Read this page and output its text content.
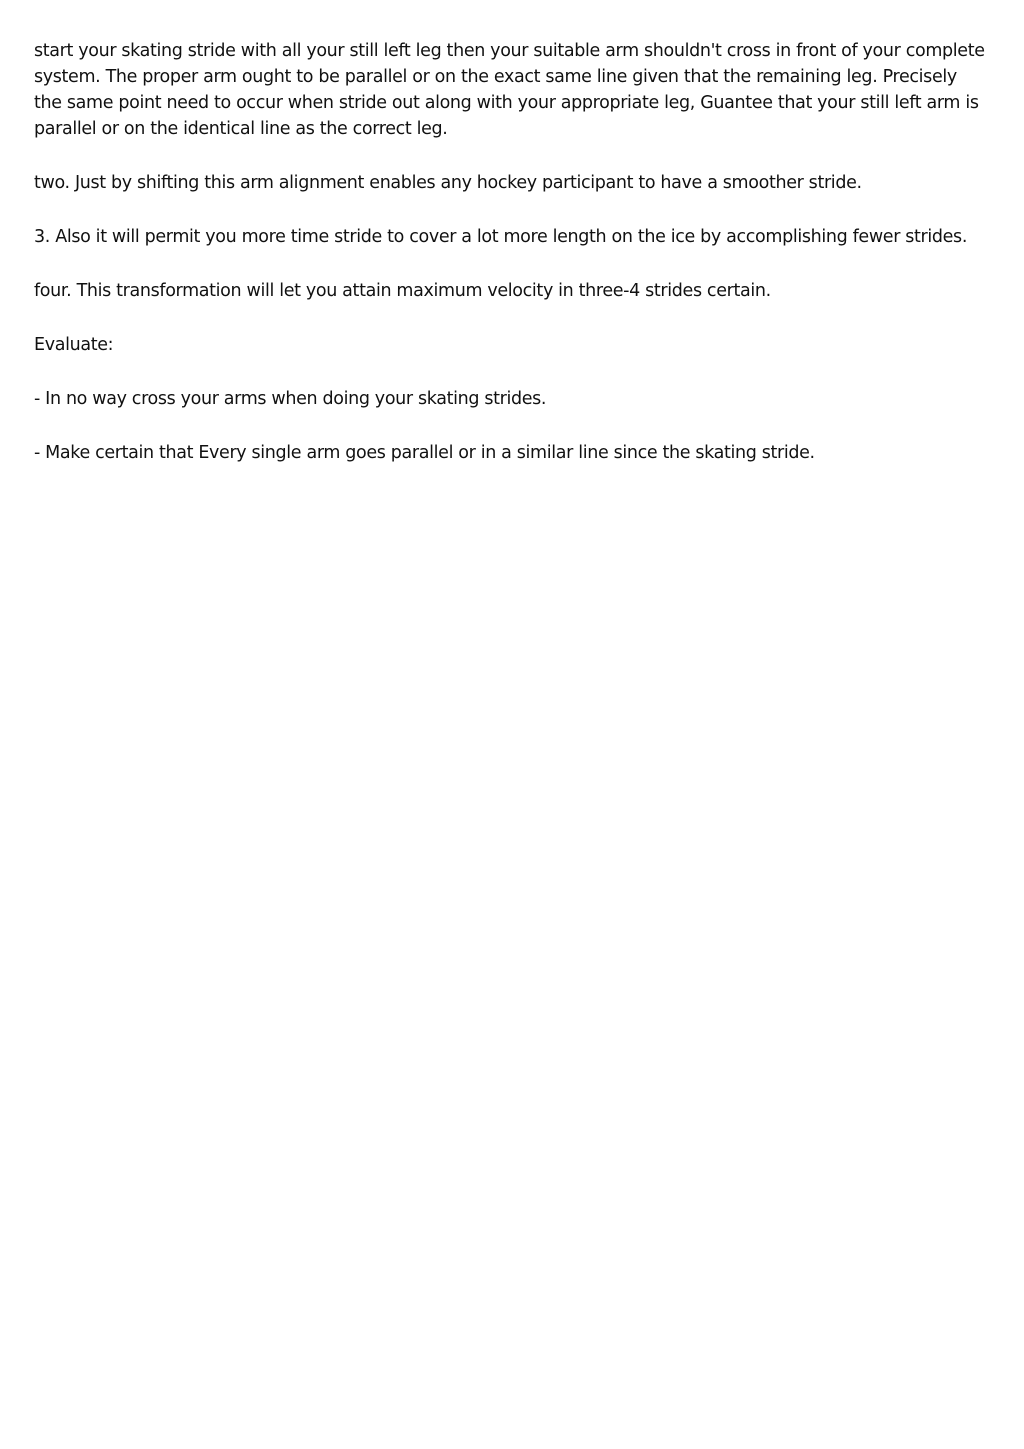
start your skating stride with all your still left leg then your suitable arm shouldn't cross in front of your complete system. The proper arm ought to be parallel or on the exact same line given that the remaining leg. Precisely the same point need to occur when stride out along with your appropriate leg, Guantee that your still left arm is parallel or on the identical line as the correct leg.

two. Just by shifting this arm alignment enables any hockey participant to have a smoother stride.

3. Also it will permit you more time stride to cover a lot more length on the ice by accomplishing fewer strides.

four. This transformation will let you attain maximum velocity in three-4 strides certain.

Evaluate:

- In no way cross your arms when doing your skating strides.

- Make certain that Every single arm goes parallel or in a similar line since the skating stride.
